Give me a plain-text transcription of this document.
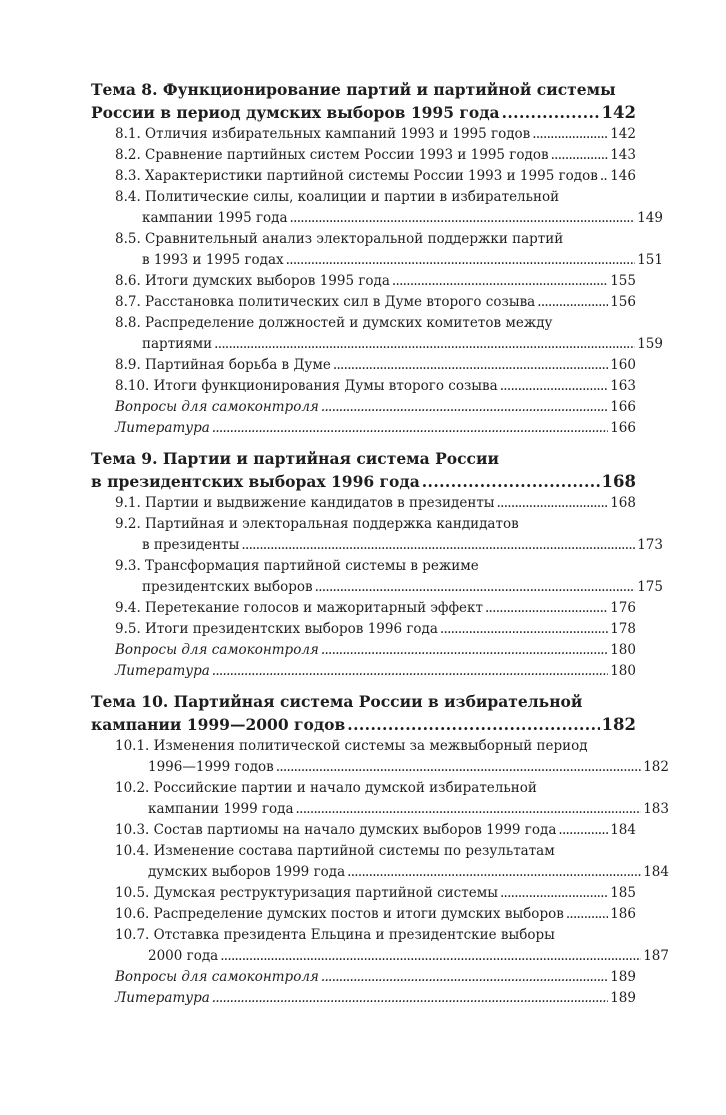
Тема 8. Функционирование партий и партийной системы
России в период думских выборов 1995 года . . .	142
8.1. Отличия избирательных кампаний 1993 и 1995 годов . . .	142
8.2. Сравнение партийных систем России 1993 и 1995 годов . . .	143
8.3. Характеристики партийной системы России 1993 и 1995 годов . . . 146
8.4. Политические силы, коалиции и партии в избирательной
кампании 1995 года . . .	149
8.5. Сравнительный анализ электоральной поддержки партий
в 1993 и 1995 годах . . .	151
8.6. Итоги думских выборов 1995 года . . .	155
8.7. Расстановка политических сил в Думе второго созыва . . .	156
8.8. Распределение должностей и думских комитетов между
партиями . . .	159
8.9. Партийная борьба в Думе . . .	160
8.10. Итоги функционирования Думы второго созыва . . .	163
Вопросы для самоконтроля . . .	166
Литература . . .	166
Тема 9. Партии и партийная система России
в президентских выборах 1996 года . . .	168
9.1. Партии и выдвижение кандидатов в президенты . . .	168
9.2. Партийная и электоральная поддержка кандидатов
в президенты . . .	173
9.3. Трансформация партийной системы в режиме
президентских выборов . . .	175
9.4. Перетекание голосов и мажоритарный эффект . . .	176
9.5. Итоги президентских выборов 1996 года . . .	178
Вопросы для самоконтроля . . .	180
Литература . . .	180
Тема 10. Партийная система России в избирательной
кампании 1999—2000 годов . . .	182
10.1. Изменения политической системы за межвыборный период
1996—1999 годов . . .	182
10.2. Российские партии и начало думской избирательной
кампании 1999 года . . .	183
10.3. Состав партиомы на начало думских выборов 1999 года . . .	184
10.4. Изменение состава партийной системы по результатам
думских выборов 1999 года . . .	184
10.5. Думская реструктуризация партийной системы . . .	185
10.6. Распределение думских постов и итоги думских выборов . . .	186
10.7. Отставка президента Ельцина и президентские выборы
2000 года . . .	187
Вопросы для самоконтроля . . .	189
Литература . . .	189
